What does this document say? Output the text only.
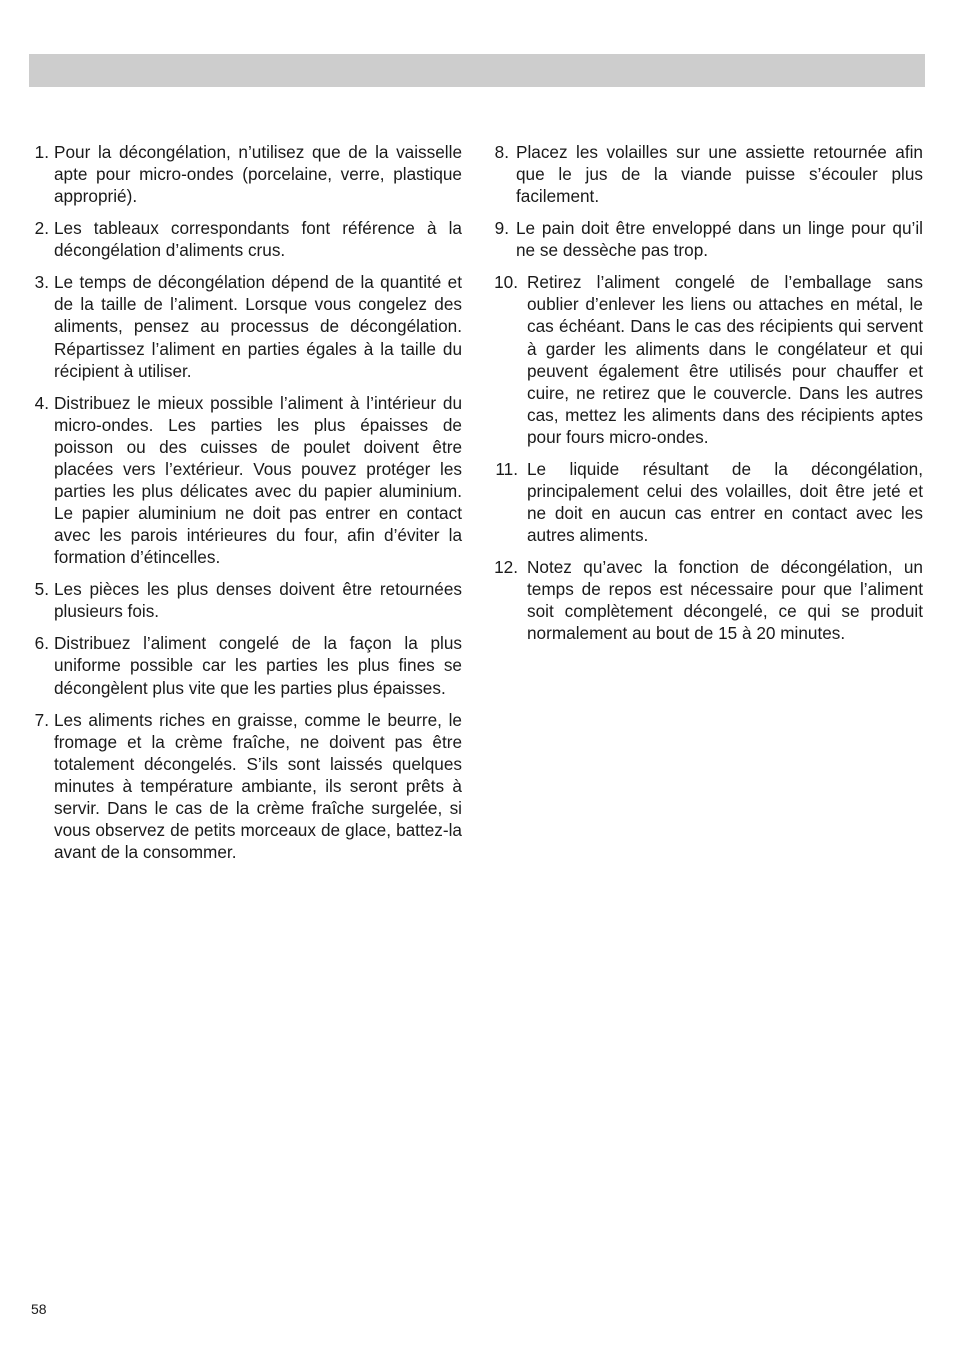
1. Pour la décongélation, n’utilisez que de la vaisselle apte pour micro-ondes (porcelaine, verre, plastique approprié).
2. Les tableaux correspondants font référence à la décongélation d’aliments crus.
3. Le temps de décongélation dépend de la quantité et de la taille de l’aliment. Lorsque vous congelez des aliments, pensez au processus de décongélation. Répartissez l’aliment en parties égales à la taille du récipient à utiliser.
4. Distribuez le mieux possible l’aliment à l’intérieur du micro-ondes. Les parties les plus épaisses de poisson ou des cuisses de poulet doivent être placées vers l’extérieur. Vous pouvez protéger les parties les plus délicates avec du papier aluminium. Le papier aluminium ne doit pas entrer en contact avec les parois intérieures du four, afin d’éviter la formation d’étincelles.
5. Les pièces les plus denses doivent être retournées plusieurs fois.
6. Distribuez l’aliment congelé de la façon la plus uniforme possible car les parties les plus fines se décongèlent plus vite que les parties plus épaisses.
7. Les aliments riches en graisse, comme le beurre, le fromage et la crème fraîche, ne doivent pas être totalement décongelés. S’ils sont laissés quelques minutes à température ambiante, ils seront prêts à servir. Dans le cas de la crème fraîche surgelée, si vous observez de petits morceaux de glace, battez-la avant de la consommer.
8. Placez les volailles sur une assiette retournée afin que le jus de la viande puisse s’écouler plus facilement.
9. Le pain doit être enveloppé dans un linge pour qu’il ne se dessèche pas trop.
10. Retirez l’aliment congelé de l’emballage sans oublier d’enlever les liens ou attaches en métal, le cas échéant. Dans le cas des récipients qui servent à garder les aliments dans le congélateur et qui peuvent également être utilisés pour chauffer et cuire, ne retirez que le couvercle. Dans les autres cas, mettez les aliments dans des récipients aptes pour fours micro-ondes.
11. Le liquide résultant de la décongélation, principalement celui des volailles, doit être jeté et ne doit en aucun cas entrer en contact avec les autres aliments.
12. Notez qu’avec la fonction de décongélation, un temps de repos est nécessaire pour que l’aliment soit complètement décongelé, ce qui se produit normalement au bout de 15 à 20 minutes.
58
